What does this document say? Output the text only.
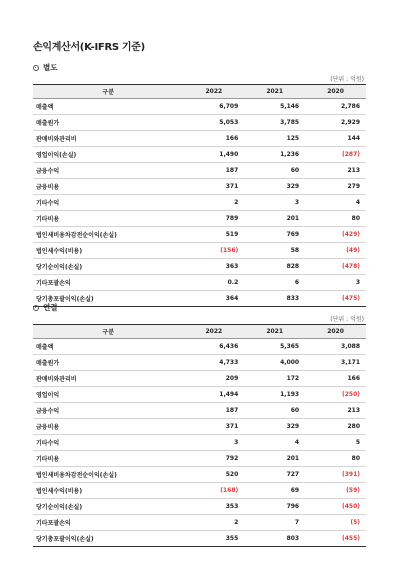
손익계산서(K-IFRS 기준)
별도
(단위 : 억원)
구분	2022	2021	2020
매출액	6,709	5,146	2,786
매출원가	5,053	3,785	2,929
판매비와관리비	166	125	144
영업이익(손실)	1,490	1,236	(287)
금융수익	187	60	213
금융비용	371	329	279
기타수익	2	3	4
기타비용	789	201	80
법인세비용차감전순이익(손실)	519	769	(429)
법인세수익(비용)	(156)	58	(49)
당기순이익(손실)	363	828	(478)
기타포괄손익	0.2	6	3
당기총포괄이익(손실)	364	833	(475)
연결
(단위 : 억원)
구분	2022	2021	2020
매출액	6,436	5,365	3,088
매출원가	4,733	4,000	3,171
판매비와관리비	209	172	166
영업이익	1,494	1,193	(250)
금융수익	187	60	213
금융비용	371	329	280
기타수익	3	4	5
기타비용	792	201	80
법인세비용차감전순이익(손실)	520	727	(391)
법인세수익(비용)	(168)	69	(59)
당기순이익(손실)	353	796	(450)
기타포괄손익	2	7	(5)
당기총포괄이익(손실)	355	803	(455)
